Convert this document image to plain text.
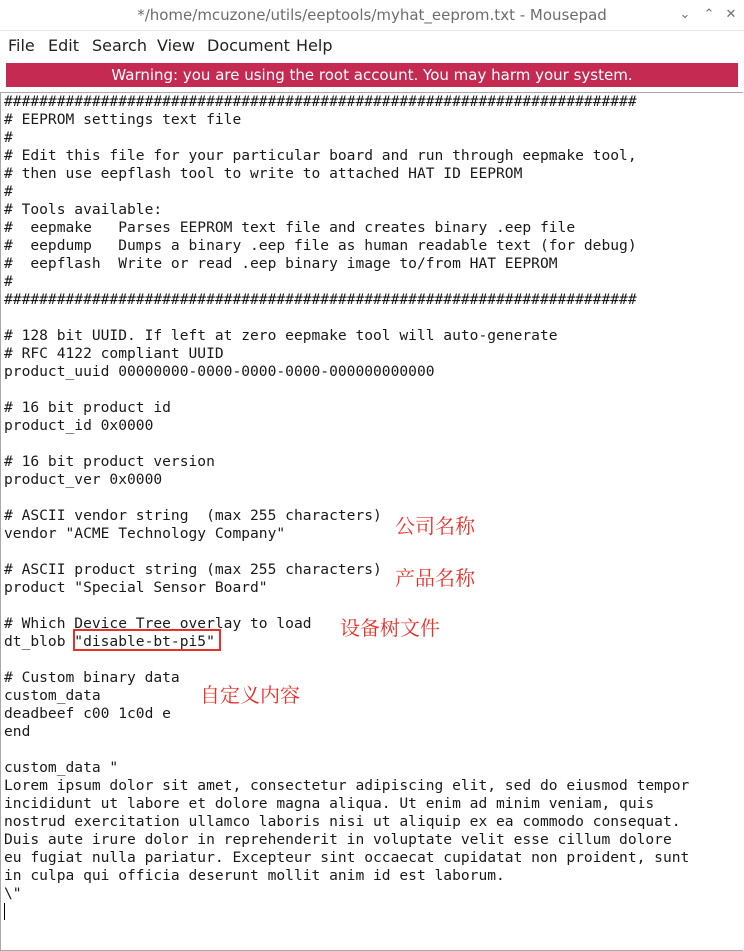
*/home/mcuzone/utils/eeptools/myhat_eeprom.txt - Mousepad	⌄ ⌃ ✕
File Edit Search View Document Help
Warning: you are using the root account. You may harm your system.
########################################################################
# EEPROM settings text file
#
# Edit this file for your particular board and run through eepmake tool,
# then use eepflash tool to write to attached HAT ID EEPROM
#
# Tools available:
#  eepmake   Parses EEPROM text file and creates binary .eep file
#  eepdump   Dumps a binary .eep file as human readable text (for debug)
#  eepflash  Write or read .eep binary image to/from HAT EEPROM
#
########################################################################
# 128 bit UUID. If left at zero eepmake tool will auto-generate
# RFC 4122 compliant UUID
product_uuid 00000000-0000-0000-0000-000000000000
# 16 bit product id
product_id 0x0000
# 16 bit product version
product_ver 0x0000
# ASCII vendor string  (max 255 characters)
vendor "ACME Technology Company"
# ASCII product string (max 255 characters)
product "Special Sensor Board"
# Which Device Tree overlay to load
dt_blob "disable-bt-pi5"
# Custom binary data
custom_data
deadbeef c00 1c0d e
end
custom_data "
Lorem ipsum dolor sit amet, consectetur adipiscing elit, sed do eiusmod tempor
incididunt ut labore et dolore magna aliqua. Ut enim ad minim veniam, quis
nostrud exercitation ullamco laboris nisi ut aliquip ex ea commodo consequat.
Duis aute irure dolor in reprehenderit in voluptate velit esse cillum dolore
eu fugiat nulla pariatur. Excepteur sint occaecat cupidatat non proident, sunt
in culpa qui officia deserunt mollit anim id est laborum.
\"
公司名称
产品名称
设备树文件
自定义内容
